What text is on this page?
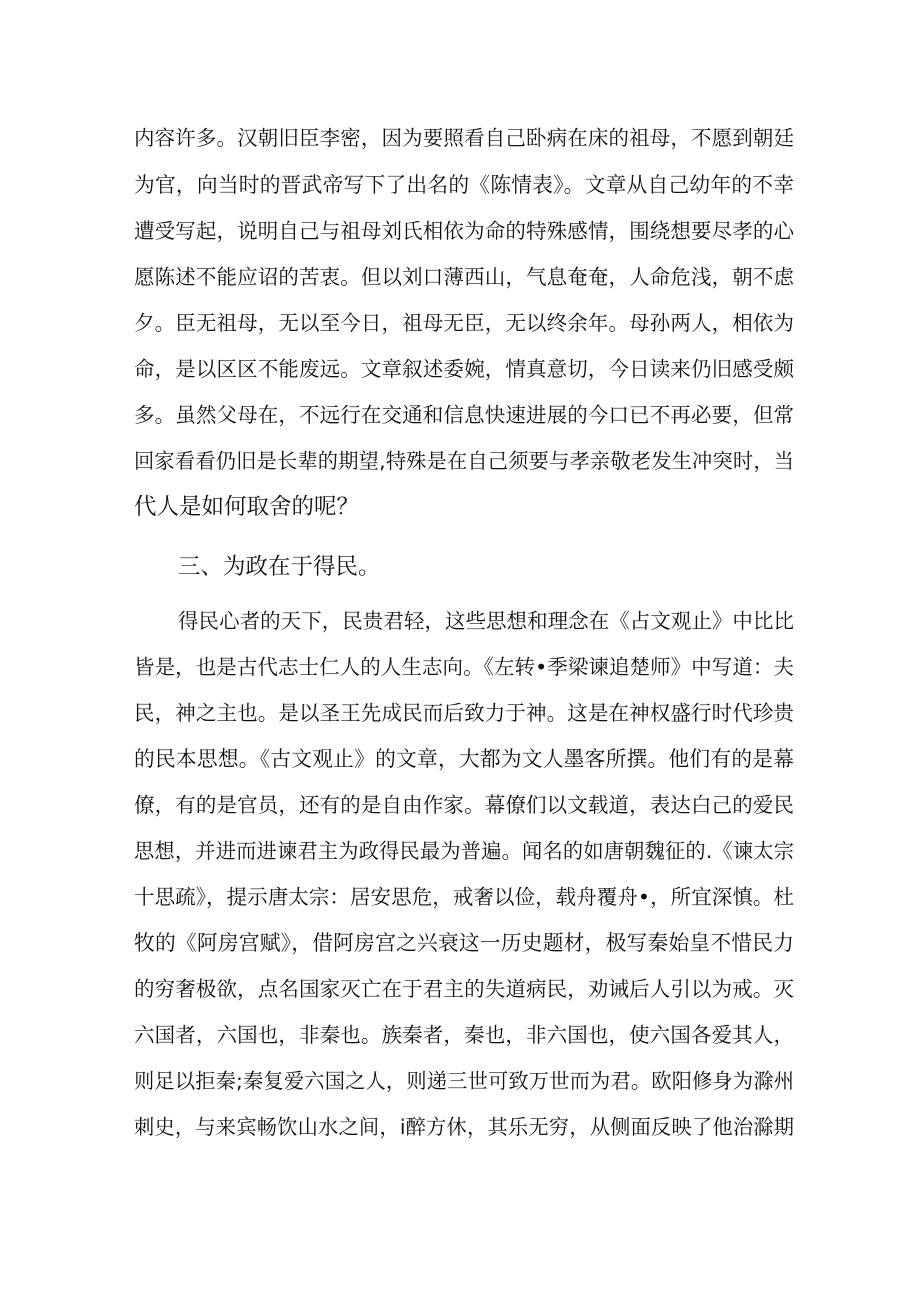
内容许多。汉朝旧臣李密，因为要照看自己卧病在床的祖母，不愿到朝廷
为官，向当时的晋武帝写下了出名的《陈情表》。文章从自己幼年的不幸
遭受写起，说明自己与祖母刘氏相依为命的特殊感情，围绕想要尽孝的心
愿陈述不能应诏的苦衷。但以刘口薄西山，气息奄奄，人命危浅，朝不虑
夕。臣无祖母，无以至今日，祖母无臣，无以终余年。母孙两人，相依为
命，是以区区不能废远。文章叙述委婉，情真意切，今日读来仍旧感受颇
多。虽然父母在，不远行在交通和信息快速进展的今口已不再必要，但常
回家看看仍旧是长辈的期望,特殊是在自己须要与孝亲敬老发生冲突时，当
代人是如何取舍的呢？
三、为政在于得民。
得民心者的天下，民贵君轻，这些思想和理念在《占文观止》中比比
皆是，也是古代志士仁人的人生志向。《左转•季梁谏追楚师》中写道：夫
民，神之主也。是以圣王先成民而后致力于神。这是在神权盛行时代珍贵
的民本思想。《古文观止》的文章，大都为文人墨客所撰。他们有的是幕
僚，有的是官员，还有的是自由作家。幕僚们以文载道，表达白己的爱民
思想，并进而进谏君主为政得民最为普遍。闻名的如唐朝魏征的.《谏太宗
十思疏》，提示唐太宗：居安思危，戒奢以俭，载舟覆舟•，所宜深慎。杜
牧的《阿房宫赋》，借阿房宫之兴衰这一历史题材，极写秦始皇不惜民力
的穷奢极欲，点名国家灭亡在于君主的失道病民，劝诫后人引以为戒。灭
六国者，六国也，非秦也。族秦者，秦也，非六国也，使六国各爱其人，
则足以拒秦;秦复爱六国之人，则递三世可致万世而为君。欧阳修身为滁州
刺史，与来宾畅饮山水之间，i醉方休，其乐无穷，从侧面反映了他治滁期
